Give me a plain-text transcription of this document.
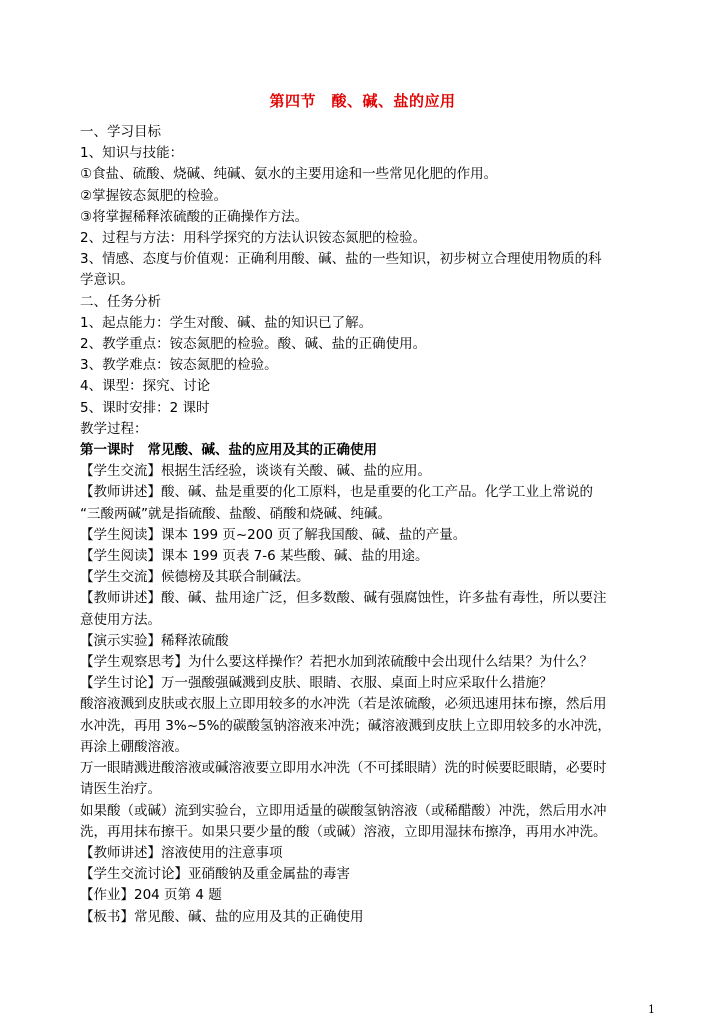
第四节　酸、碱、盐的应用
一、学习目标
1、知识与技能：
①食盐、硫酸、烧碱、纯碱、氨水的主要用途和一些常见化肥的作用。
②掌握铵态氮肥的检验。
③将掌握稀释浓硫酸的正确操作方法。
2、过程与方法：用科学探究的方法认识铵态氮肥的检验。
3、情感、态度与价值观：正确利用酸、碱、盐的一些知识，初步树立合理使用物质的科
学意识。
二、任务分析
1、起点能力：学生对酸、碱、盐的知识已了解。
2、教学重点：铵态氮肥的检验。酸、碱、盐的正确使用。
3、教学难点：铵态氮肥的检验。
4、课型：探究、讨论
5、课时安排：2 课时
教学过程：
第一课时　常见酸、碱、盐的应用及其的正确使用
【学生交流】根据生活经验，谈谈有关酸、碱、盐的应用。
【教师讲述】酸、碱、盐是重要的化工原料，也是重要的化工产品。化学工业上常说的
“三酸两碱”就是指硫酸、盐酸、硝酸和烧碱、纯碱。
【学生阅读】课本 199 页~200 页了解我国酸、碱、盐的产量。
【学生阅读】课本 199 页表 7-6 某些酸、碱、盐的用途。
【学生交流】候德榜及其联合制碱法。
【教师讲述】酸、碱、盐用途广泛，但多数酸、碱有强腐蚀性，许多盐有毒性，所以要注
意使用方法。
【演示实验】稀释浓硫酸
【学生观察思考】为什么要这样操作？若把水加到浓硫酸中会出现什么结果？为什么？
【学生讨论】万一强酸强碱溅到皮肤、眼睛、衣服、桌面上时应采取什么措施？
酸溶液溅到皮肤或衣服上立即用较多的水冲洗（若是浓硫酸，必须迅速用抹布擦，然后用
水冲洗，再用 3%~5%的碳酸氢钠溶液来冲洗；碱溶液溅到皮肤上立即用较多的水冲洗，
再涂上硼酸溶液。
万一眼睛溅进酸溶液或碱溶液要立即用水冲洗（不可揉眼睛）洗的时候要眨眼睛，必要时
请医生治疗。
如果酸（或碱）流到实验台，立即用适量的碳酸氢钠溶液（或稀醋酸）冲洗，然后用水冲
洗，再用抹布擦干。如果只要少量的酸（或碱）溶液，立即用湿抹布擦净，再用水冲洗。
【教师讲述】溶液使用的注意事项
【学生交流讨论】亚硝酸钠及重金属盐的毒害
【作业】204 页第 4 题
【板书】常见酸、碱、盐的应用及其的正确使用
1
